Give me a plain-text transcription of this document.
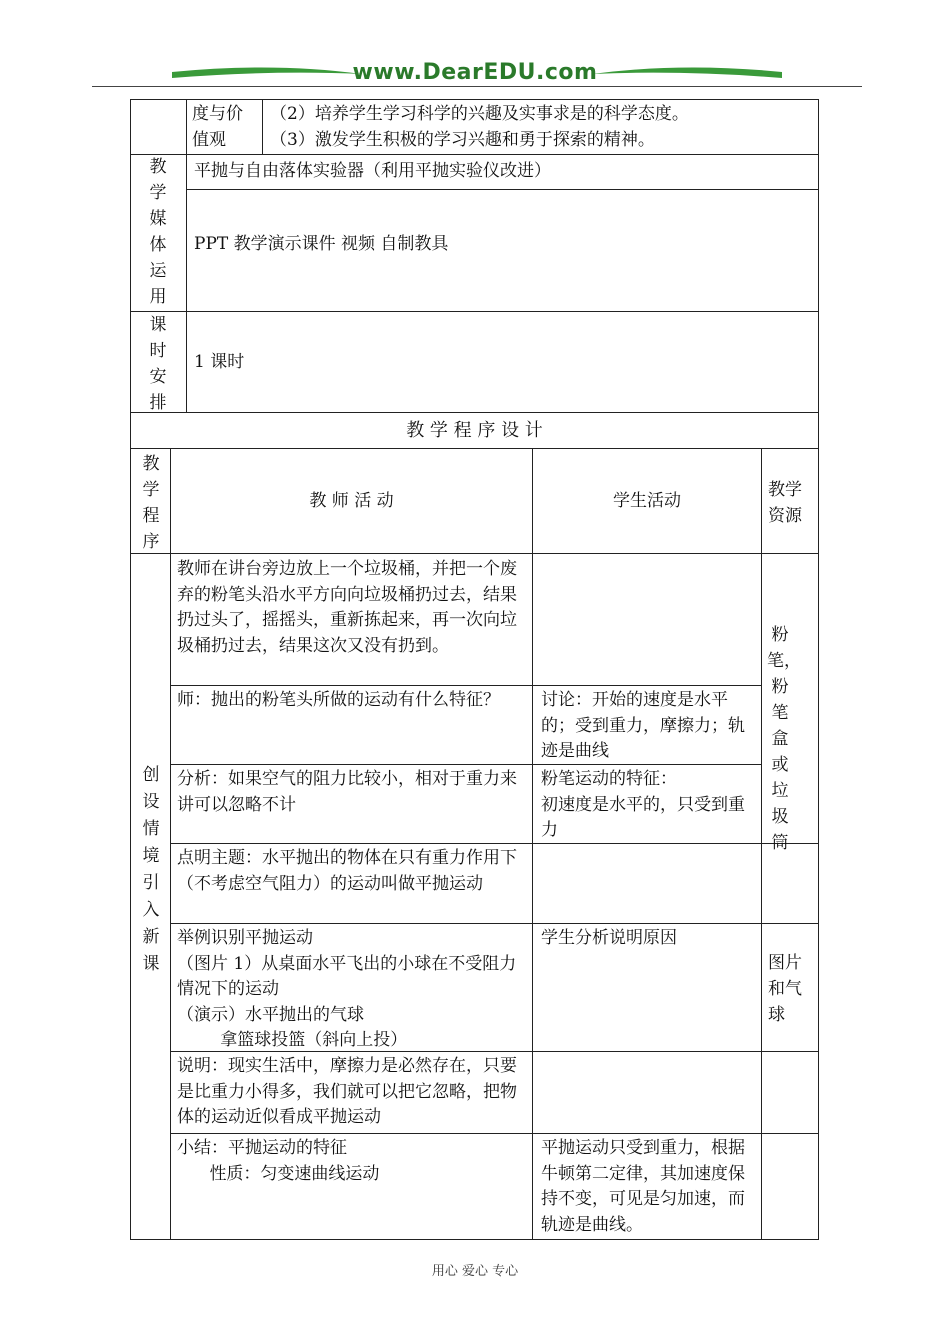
www.DearEDU.com
度与价值观
（2）培养学生学习科学的兴趣及实事求是的科学态度。
（3）激发学生积极的学习兴趣和勇于探索的精神。
教学媒体运用
平抛与自由落体实验器（利用平抛实验仪改进）
PPT 教学演示课件 视频 自制教具
课时安排
1 课时
教 学 程 序 设 计
教学程序
教 师 活 动	学生活动
教学资源
创设情境 引入新课
教师在讲台旁边放上一个垃圾桶，并把一个废弃的粉笔头沿水平方向向垃圾桶扔过去，结果扔过头了，摇摇头，重新拣起来，再一次向垃圾桶扔过去，结果这次又没有扔到。
师：抛出的粉笔头所做的运动有什么特征？	讨论：开始的速度是水平的；受到重力，摩擦力；轨迹是曲线
分析：如果空气的阻力比较小，相对于重力来讲可以忽略不计
粉笔运动的特征：
初速度是水平的，只受到重力
点明主题：水平抛出的物体在只有重力作用下（不考虑空气阻力）的运动叫做平抛运动
举例识别平抛运动
（图片 1）从桌面水平飞出的小球在不受阻力情况下的运动
（演示）水平抛出的气球
拿篮球投篮（斜向上投）
学生分析说明原因
说明：现实生活中，摩擦力是必然存在，只要是比重力小得多，我们就可以把它忽略，把物体的运动近似看成平抛运动
小结：平抛运动的特征
性质：匀变速曲线运动
平抛运动只受到重力，根据牛顿第二定律，其加速度保持不变，可见是匀加速，而轨迹是曲线。
粉笔，粉笔盒或垃圾筒
图片和气球
用心 爱心 专心
